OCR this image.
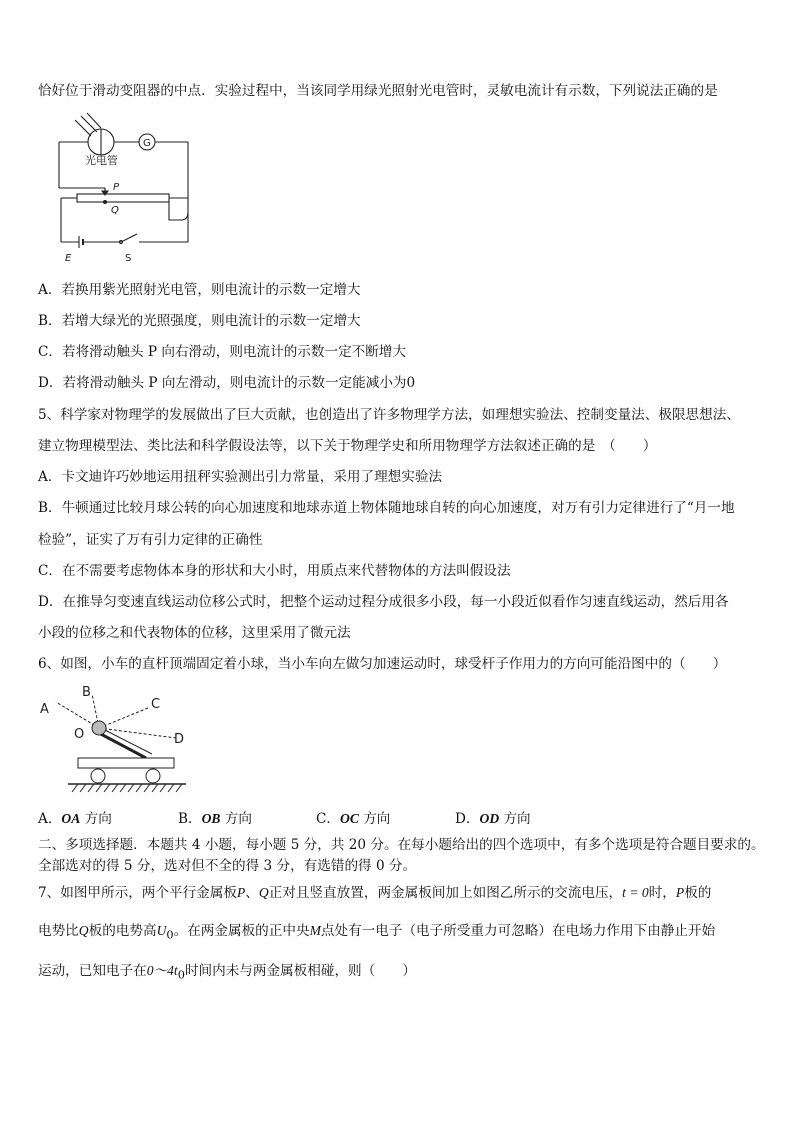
恰好位于滑动变阻器的中点．实验过程中，当该同学用绿光照射光电管时，灵敏电流计有示数，下列说法正确的是
光电管
G
P
Q
E	S
A．若换用紫光照射光电管，则电流计的示数一定增大
B．若增大绿光的光照强度，则电流计的示数一定增大
C．若将滑动触头 P 向右滑动，则电流计的示数一定不断增大
D．若将滑动触头 P 向左滑动，则电流计的示数一定能减小为0
5、科学家对物理学的发展做出了巨大贡献，也创造出了许多物理学方法，如理想实验法、控制变量法、极限思想法、
建立物理模型法、类比法和科学假设法等，以下关于物理学史和所用物理学方法叙述正确的是　（　　）
A．卡文迪许巧妙地运用扭秤实验测出引力常量，采用了理想实验法
B．牛顿通过比较月球公转的向心加速度和地球赤道上物体随地球自转的向心加速度，对万有引力定律进行了“月一地
检验”，证实了万有引力定律的正确性
C．在不需要考虑物体本身的形状和大小时，用质点来代替物体的方法叫假设法
D．在推导匀变速直线运动位移公式时，把整个运动过程分成很多小段，每一小段近似看作匀速直线运动，然后用各
小段的位移之和代表物体的位移，这里采用了微元法
6、如图，小车的直杆顶端固定着小球，当小车向左做匀加速运动时，球受杆子作用力的方向可能沿图中的（　　）
A
B
C
D
O
A．OA 方向	B．OB 方向	C．OC 方向	D．OD 方向
二、多项选择题．本题共 4 小题，每小题 5 分，共 20 分。在每小题给出的四个选项中，有多个选项是符合题目要求的。
全部选对的得 5 分，选对但不全的得 3 分，有选错的得 0 分。
7、如图甲所示，两个平行金属板P、Q正对且竖直放置，两金属板间加上如图乙所示的交流电压，t = 0时，P板的
电势比Q板的电势高$U_0$。在两金属板的正中央M点处有一电子（电子所受重力可忽略）在电场力作用下由静止开始
运动，已知电子在$0\sim 4t_0$时间内未与两金属板相碰，则（　　）
